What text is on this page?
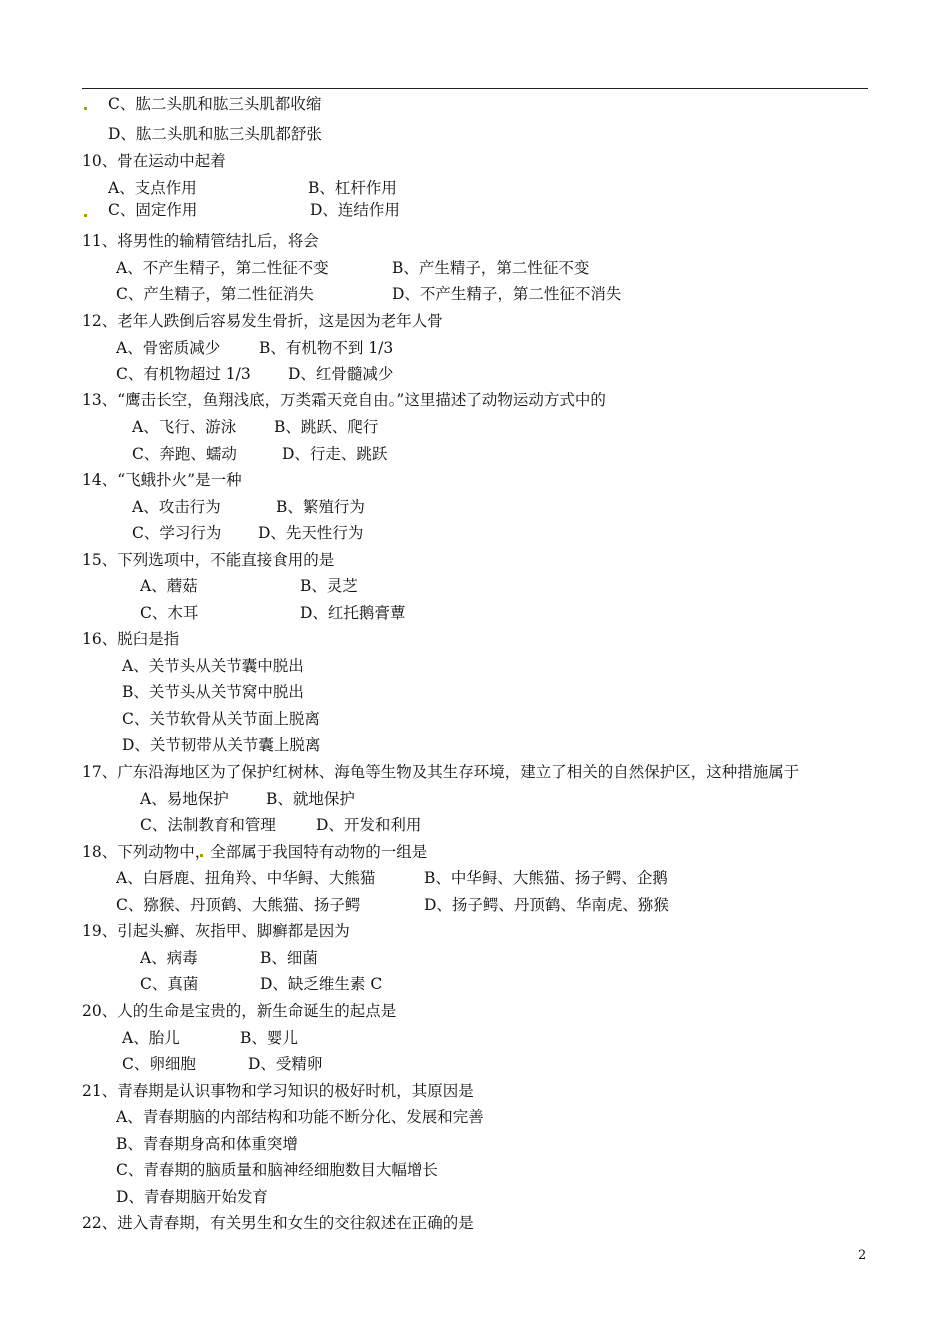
C、肱二头肌和肱三头肌都收缩
D、肱二头肌和肱三头肌都舒张
10、骨在运动中起着
A、支点作用	B、杠杆作用
C、固定作用	D、连结作用
11、将男性的输精管结扎后，将会
A、不产生精子，第二性征不变	B、产生精子，第二性征不变
C、产生精子，第二性征消失	D、不产生精子，第二性征不消失
12、老年人跌倒后容易发生骨折，这是因为老年人骨
A、骨密质减少	B、有机物不到 1/3
C、有机物超过 1/3 D、红骨髓减少
13、“鹰击长空，鱼翔浅底，万类霜天竞自由。”这里描述了动物运动方式中的
A、飞行、游泳 B、跳跃、爬行
C、奔跑、蠕动	D、行走、跳跃
14、“飞蛾扑火”是一种
A、攻击行为	B、繁殖行为
C、学习行为 D、先天性行为
15、下列选项中，不能直接食用的是
A、蘑菇	B、灵芝
C、木耳	D、红托鹅膏蕈
16、脱臼是指
A、关节头从关节囊中脱出
B、关节头从关节窝中脱出
C、关节软骨从关节面上脱离
D、关节韧带从关节囊上脱离
17、广东沿海地区为了保护红树林、海龟等生物及其生存环境，建立了相关的自然保护区，这种措施属于
A、易地保护 B、就地保护
C、法制教育和管理	D、开发和利用
18、下列动物中，全部属于我国特有动物的一组是
A、白唇鹿、扭角羚、中华鲟、大熊猫	B、中华鲟、大熊猫、扬子鳄、企鹅
C、猕猴、丹顶鹤、大熊猫、扬子鳄	D、扬子鳄、丹顶鹤、华南虎、猕猴
19、引起头癣、灰指甲、脚癣都是因为
A、病毒	B、细菌
C、真菌	D、缺乏维生素 C
20、人的生命是宝贵的，新生命诞生的起点是
A、胎儿	B、婴儿
C、卵细胞	D、受精卵
21、青春期是认识事物和学习知识的极好时机，其原因是
A、青春期脑的内部结构和功能不断分化、发展和完善
B、青春期身高和体重突增
C、青春期的脑质量和脑神经细胞数目大幅增长
D、青春期脑开始发育
22、进入青春期，有关男生和女生的交往叙述在正确的是
2
